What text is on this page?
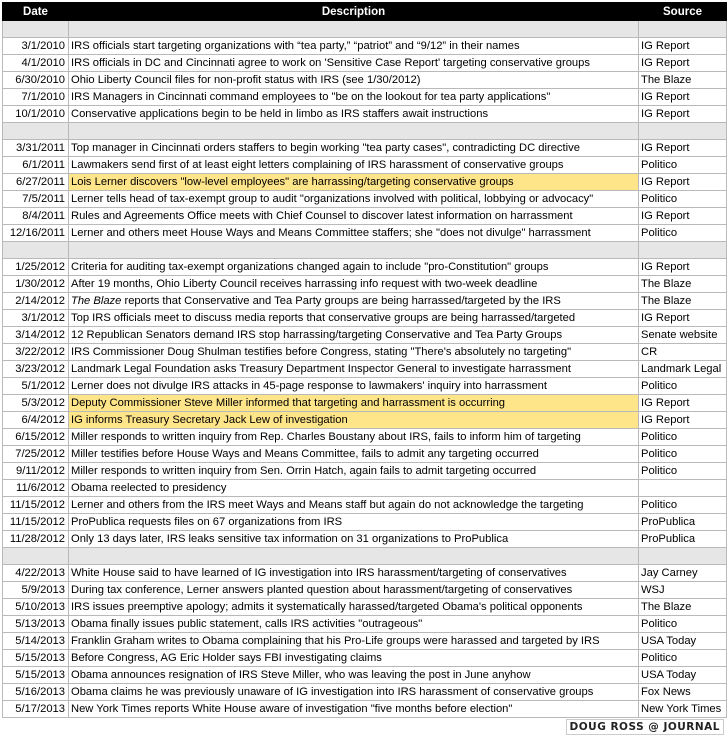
Date	Description	Source

3/1/2010	IRS officials start targeting organizations with “tea party,” “patriot” and “9/12” in their names	IG Report
4/1/2010	IRS officials in DC and Cincinnati agree to work on 'Sensitive Case Report' targeting conservative groups	IG Report
6/30/2010	Ohio Liberty Council files for non-profit status with IRS (see 1/30/2012)	The Blaze
7/1/2010	IRS Managers in Cincinnati command employees to "be on the lookout for tea party applications"	IG Report
10/1/2010	Conservative applications begin to be held in limbo as IRS staffers await instructions	IG Report

3/31/2011	Top manager in Cincinnati orders staffers to begin working "tea party cases", contradicting DC directive	IG Report
6/1/2011	Lawmakers send first of at least eight letters complaining of IRS harassment of conservative groups	Politico
6/27/2011	Lois Lerner discovers "low-level employees" are harrassing/targeting conservative groups	IG Report
7/5/2011	Lerner tells head of tax-exempt group to audit "organizations involved with political, lobbying or advocacy"	Politico
8/4/2011	Rules and Agreements Office meets with Chief Counsel to discover latest information on harrassment	IG Report
12/16/2011	Lerner and others meet House Ways and Means Committee staffers; she "does not divulge" harrassment	Politico

1/25/2012	Criteria for auditing tax-exempt organizations changed again to include "pro-Constitution" groups	IG Report
1/30/2012	After 19 months, Ohio Liberty Council receives harrassing info request with two-week deadline	The Blaze
2/14/2012	The Blaze reports that Conservative and Tea Party groups are being harrassed/targeted by the IRS	The Blaze
3/1/2012	Top IRS officials meet to discuss media reports that conservative groups are being harrassed/targeted	IG Report
3/14/2012	12 Republican Senators demand IRS stop harrassing/targeting Conservative and Tea Party Groups	Senate website
3/22/2012	IRS Commissioner Doug Shulman testifies before Congress, stating "There's absolutely no targeting"	CR
3/23/2012	Landmark Legal Foundation asks Treasury Department Inspector General to investigate harrassment	Landmark Legal
5/1/2012	Lerner does not divulge IRS attacks in 45-page response to lawmakers' inquiry into harrassment	Politico
5/3/2012	Deputy Commissioner Steve Miller informed that targeting and harrassment is occurring	IG Report
6/4/2012	IG informs Treasury Secretary Jack Lew of investigation	IG Report
6/15/2012	Miller responds to written inquiry from Rep. Charles Boustany about IRS, fails to inform him of targeting	Politico
7/25/2012	Miller testifies before House Ways and Means Committee, fails to admit any targeting occurred	Politico
9/11/2012	Miller responds to written inquiry from Sen. Orrin Hatch, again fails to admit targeting occurred	Politico
11/6/2012	Obama reelected to presidency	
11/15/2012	Lerner and others from the IRS meet Ways and Means staff but again do not acknowledge the targeting	Politico
11/15/2012	ProPublica requests files on 67 organizations from IRS	ProPublica
11/28/2012	Only 13 days later, IRS leaks sensitive tax information on 31 organizations to ProPublica	ProPublica

4/22/2013	White House said to have learned of IG investigation into IRS harassment/targeting of conservatives	Jay Carney
5/9/2013	During tax conference, Lerner answers planted question about harassment/targeting of conservatives	WSJ
5/10/2013	IRS issues preemptive apology; admits it systematically harassed/targeted Obama's political opponents	The Blaze
5/13/2013	Obama finally issues public statement, calls IRS activities "outrageous"	Politico
5/14/2013	Franklin Graham writes to Obama complaining that his Pro-Life groups were harassed and targeted by IRS	USA Today
5/15/2013	Before Congress, AG Eric Holder says FBI investigating claims	Politico
5/15/2013	Obama announces resignation of IRS Steve Miller, who was leaving the post in June anyhow	USA Today
5/16/2013	Obama claims he was previously unaware of IG investigation into IRS harassment of conservative groups	Fox News
5/17/2013	New York Times reports White House aware of investigation "five months before election"	New York Times
DOUG ROSS @ JOURNAL
